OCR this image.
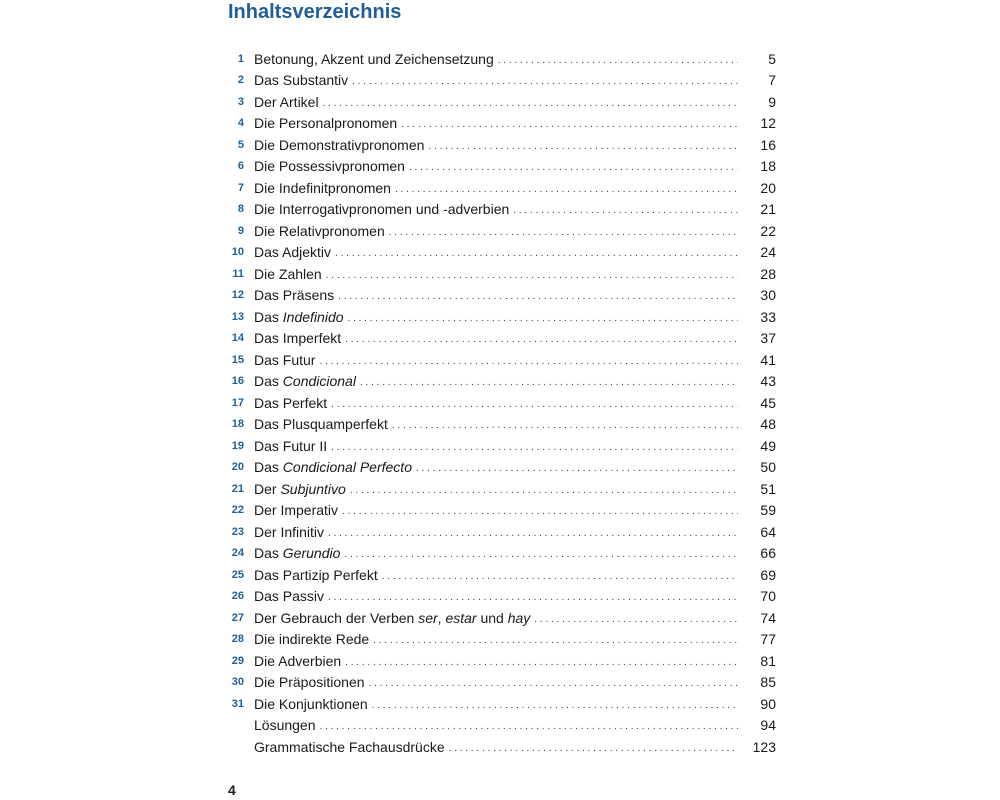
Inhaltsverzeichnis
1 Betonung, Akzent und Zeichensetzung . . .	5
2 Das Substantiv . . .	7
3 Der Artikel . . .	9
4 Die Personalpronomen . . .	12
5 Die Demonstrativpronomen . . .	16
6 Die Possessivpronomen . . .	18
7 Die Indefinitpronomen . . .	20
8 Die Interrogativpronomen und -adverbien . . .	21
9 Die Relativpronomen . . .	22
10 Das Adjektiv . . .	24
11 Die Zahlen . . .	28
12 Das Präsens . . .	30
13 Das Indefinido . . .	33
14 Das Imperfekt . . .	37
15 Das Futur . . .	41
16 Das Condicional . . .	43
17 Das Perfekt . . .	45
18 Das Plusquamperfekt . . .	48
19 Das Futur II . . .	49
20 Das Condicional Perfecto . . .	50
21 Der Subjuntivo . . .	51
22 Der Imperativ . . .	59
23 Der Infinitiv . . .	64
24 Das Gerundio . . .	66
25 Das Partizip Perfekt . . .	69
26 Das Passiv . . .	70
27 Der Gebrauch der Verben ser, estar und hay . . .	74
28 Die indirekte Rede . . .	77
29 Die Adverbien . . .	81
30 Die Präpositionen . . .	85
31 Die Konjunktionen . . .	90
Lösungen . . .	94
Grammatische Fachausdrücke . . .	123
4
